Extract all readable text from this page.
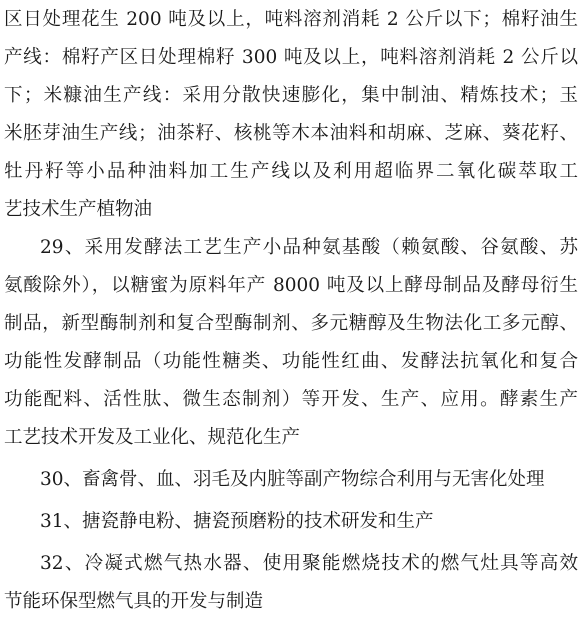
区日处理花生 200 吨及以上，吨料溶剂消耗 2 公斤以下；棉籽油生
产线：棉籽产区日处理棉籽 300 吨及以上，吨料溶剂消耗 2 公斤以
下；米糠油生产线：采用分散快速膨化，集中制油、精炼技术；玉
米胚芽油生产线；油茶籽、核桃等木本油料和胡麻、芝麻、葵花籽、
牡丹籽等小品种油料加工生产线以及利用超临界二氧化碳萃取工
艺技术生产植物油
29、采用发酵法工艺生产小品种氨基酸（赖氨酸、谷氨酸、苏
氨酸除外），以糖蜜为原料年产 8000 吨及以上酵母制品及酵母衍生
制品，新型酶制剂和复合型酶制剂、多元糖醇及生物法化工多元醇、
功能性发酵制品（功能性糖类、功能性红曲、发酵法抗氧化和复合
功能配料、活性肽、微生态制剂）等开发、生产、应用。酵素生产
工艺技术开发及工业化、规范化生产
30、畜禽骨、血、羽毛及内脏等副产物综合利用与无害化处理
31、搪瓷静电粉、搪瓷预磨粉的技术研发和生产
32、冷凝式燃气热水器、使用聚能燃烧技术的燃气灶具等高效
节能环保型燃气具的开发与制造
